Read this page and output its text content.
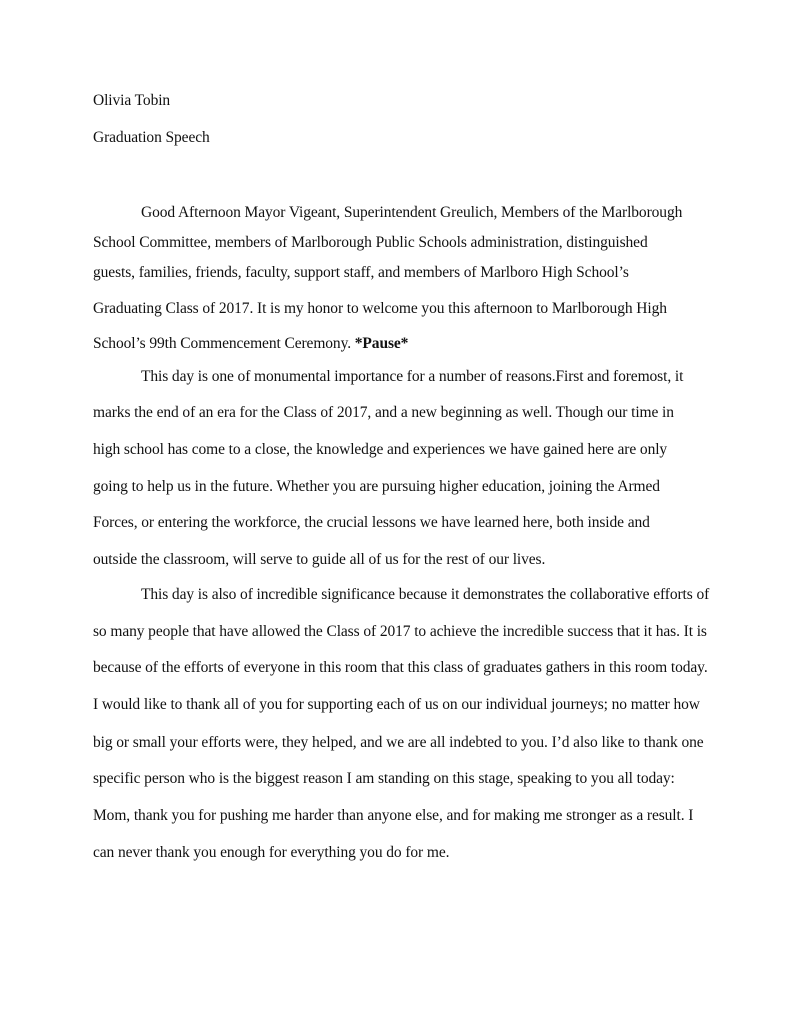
Olivia Tobin
Graduation Speech
Good Afternoon Mayor Vigeant, Superintendent Greulich, Members of the Marlborough
School Committee, members of Marlborough Public Schools administration, distinguished
guests, families, friends, faculty, support staff, and members of Marlboro High School’s
Graduating Class of 2017. It is my honor to welcome you this afternoon to Marlborough High
School’s 99th Commencement Ceremony. *Pause*
This day is one of monumental importance for a number of reasons.First and foremost, it
marks the end of an era for the Class of 2017, and a new beginning as well. Though our time in
high school has come to a close, the knowledge and experiences we have gained here are only
going to help us in the future. Whether you are pursuing higher education, joining the Armed
Forces, or entering the workforce, the crucial lessons we have learned here, both inside and
outside the classroom, will serve to guide all of us for the rest of our lives.
This day is also of incredible significance because it demonstrates the collaborative efforts of
so many people that have allowed the Class of 2017 to achieve the incredible success that it has. It is
because of the efforts of everyone in this room that this class of graduates gathers in this room today.
I would like to thank all of you for supporting each of us on our individual journeys; no matter how
big or small your efforts were, they helped, and we are all indebted to you. I’d also like to thank one
specific person who is the biggest reason I am standing on this stage, speaking to you all today:
Mom, thank you for pushing me harder than anyone else, and for making me stronger as a result. I
can never thank you enough for everything you do for me.
